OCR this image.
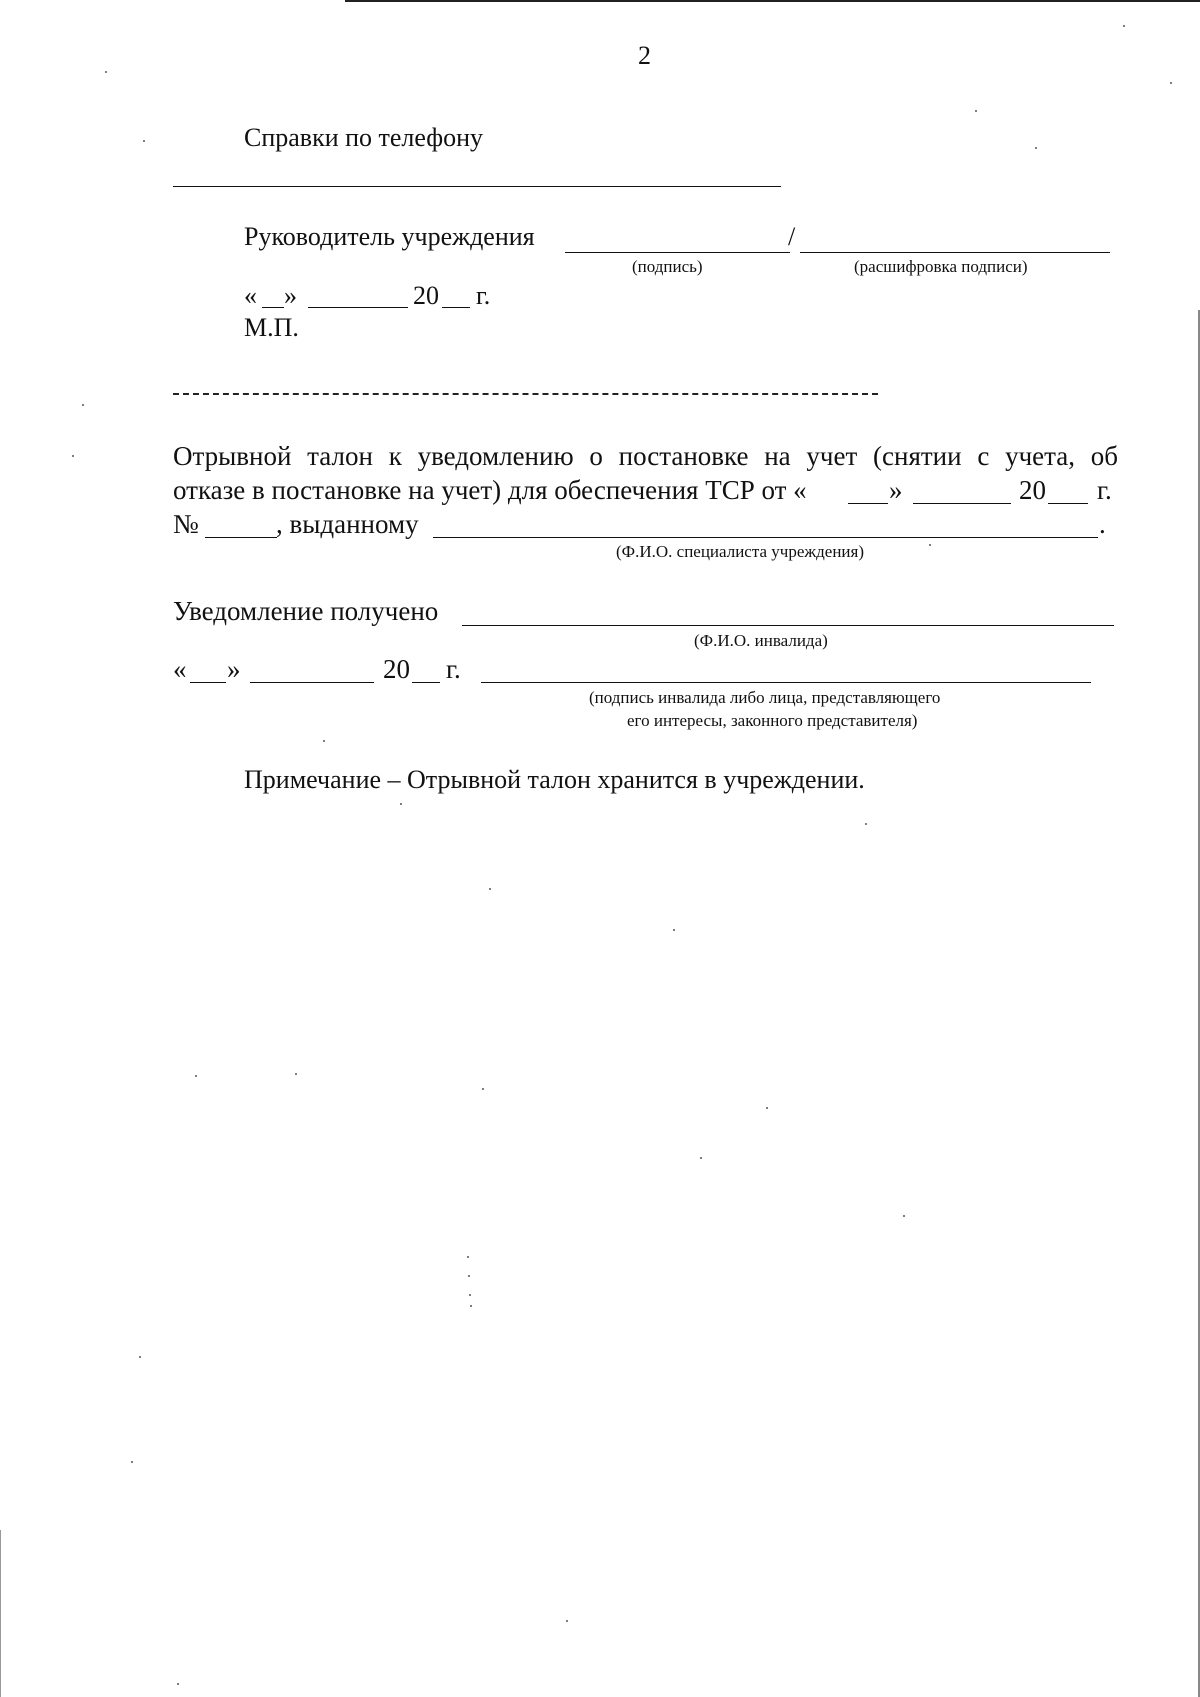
2
Справки по телефону
Руководитель учреждения	/
(подпись)	(расшифровка подписи)
« »	20 г.
М.П.
Отрывной талон к уведомлению о постановке на учет (снятии с учета, об
отказе в постановке на учет) для обеспечения ТСР от «	»	20 г.
№	, выданному	.
(Ф.И.О. специалиста учреждения)
Уведомление получено
(Ф.И.О. инвалида)
« »	20 г.
(подпись инвалида либо лица, представляющего
его интересы, законного представителя)
Примечание – Отрывной талон хранится в учреждении.
